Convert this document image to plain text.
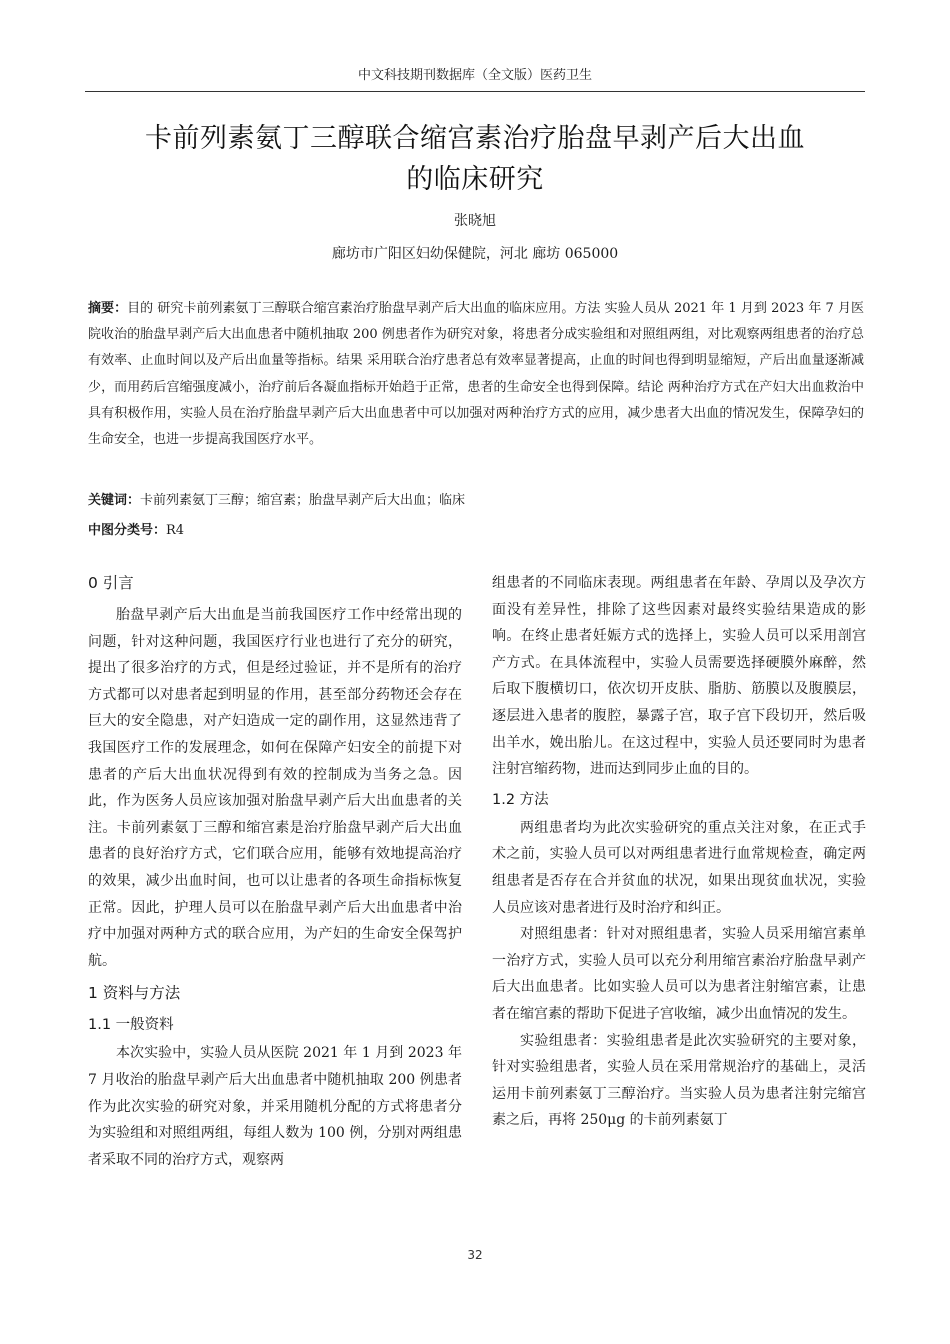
中文科技期刊数据库（全文版）医药卫生
卡前列素氨丁三醇联合缩宫素治疗胎盘早剥产后大出血
的临床研究
张晓旭
廊坊市广阳区妇幼保健院，河北 廊坊 065000
摘要：目的 研究卡前列素氨丁三醇联合缩宫素治疗胎盘早剥产后大出血的临床应用。方法 实验人员从 2021 年 1 月到 2023 年 7 月医院收治的胎盘早剥产后大出血患者中随机抽取 200 例患者作为研究对象，将患者分成实验组和对照组两组，对比观察两组患者的治疗总有效率、止血时间以及产后出血量等指标。结果 采用联合治疗患者总有效率显著提高，止血的时间也得到明显缩短，产后出血量逐渐减少，而用药后宫缩强度减小，治疗前后各凝血指标开始趋于正常，患者的生命安全也得到保障。结论 两种治疗方式在产妇大出血救治中具有积极作用，实验人员在治疗胎盘早剥产后大出血患者中可以加强对两种治疗方式的应用，减少患者大出血的情况发生，保障孕妇的生命安全，也进一步提高我国医疗水平。
关键词：卡前列素氨丁三醇；缩宫素；胎盘早剥产后大出血；临床
中图分类号：R4
0 引言

胎盘早剥产后大出血是当前我国医疗工作中经常出现的问题，针对这种问题，我国医疗行业也进行了充分的研究，提出了很多治疗的方式，但是经过验证，并不是所有的治疗方式都可以对患者起到明显的作用，甚至部分药物还会存在巨大的安全隐患，对产妇造成一定的副作用，这显然违背了我国医疗工作的发展理念，如何在保障产妇安全的前提下对患者的产后大出血状况得到有效的控制成为当务之急。因此，作为医务人员应该加强对胎盘早剥产后大出血患者的关注。卡前列素氨丁三醇和缩宫素是治疗胎盘早剥产后大出血患者的良好治疗方式，它们联合应用，能够有效地提高治疗的效果，减少出血时间，也可以让患者的各项生命指标恢复正常。因此，护理人员可以在胎盘早剥产后大出血患者中治疗中加强对两种方式的联合应用，为产妇的生命安全保驾护航。

1 资料与方法
1.1 一般资料

本次实验中，实验人员从医院 2021 年 1 月到 2023 年 7 月收治的胎盘早剥产后大出血患者中随机抽取 200 例患者作为此次实验的研究对象，并采用随机分配的方式将患者分为实验组和对照组两组，每组人数为 100 例，分别对两组患者采取不同的治疗方式，观察两

组患者的不同临床表现。两组患者在年龄、孕周以及孕次方面没有差异性，排除了这些因素对最终实验结果造成的影响。在终止患者妊娠方式的选择上，实验人员可以采用剖宫产方式。在具体流程中，实验人员需要选择硬膜外麻醉，然后取下腹横切口，依次切开皮肤、脂肪、筋膜以及腹膜层，逐层进入患者的腹腔，暴露子宫，取子宫下段切开，然后吸出羊水，娩出胎儿。在这过程中，实验人员还要同时为患者注射宫缩药物，进而达到同步止血的目的。

1.2 方法

两组患者均为此次实验研究的重点关注对象，在正式手术之前，实验人员可以对两组患者进行血常规检查，确定两组患者是否存在合并贫血的状况，如果出现贫血状况，实验人员应该对患者进行及时治疗和纠正。

对照组患者：针对对照组患者，实验人员采用缩宫素单一治疗方式，实验人员可以充分利用缩宫素治疗胎盘早剥产后大出血患者。比如实验人员可以为患者注射缩宫素，让患者在缩宫素的帮助下促进子宫收缩，减少出血情况的发生。

实验组患者：实验组患者是此次实验研究的主要对象，针对实验组患者，实验人员在采用常规治疗的基础上，灵活运用卡前列素氨丁三醇治疗。当实验人员为患者注射完缩宫素之后，再将 250μg 的卡前列素氨丁

32
